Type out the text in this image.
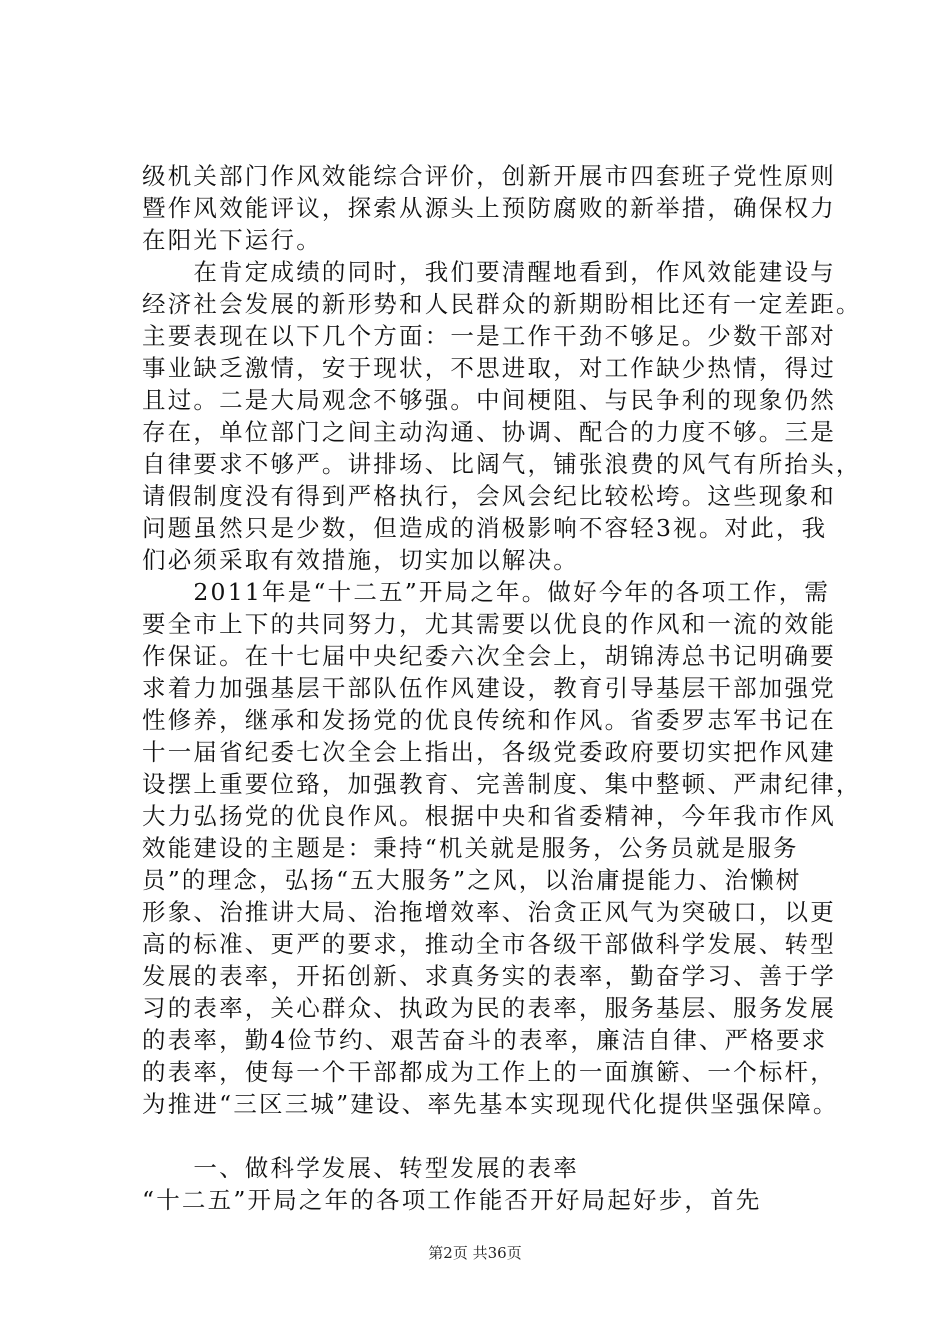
级机关部门作风效能综合评价，创新开展市四套班子党性原则
暨作风效能评议，探索从源头上预防腐败的新举措，确保权力
在阳光下运行。
　　在肯定成绩的同时，我们要清醒地看到，作风效能建设与
经济社会发展的新形势和人民群众的新期盼相比还有一定差距。
主要表现在以下几个方面：一是工作干劲不够足。少数干部对
事业缺乏激情，安于现状，不思进取，对工作缺少热情，得过
且过。二是大局观念不够强。中间梗阻、与民争利的现象仍然
存在，单位部门之间主动沟通、协调、配合的力度不够。三是
自律要求不够严。讲排场、比阔气，铺张浪费的风气有所抬头，
请假制度没有得到严格执行，会风会纪比较松垮。这些现象和
问题虽然只是少数，但造成的消极影响不容轻3视。对此，我
们必须采取有效措施，切实加以解决。
　　2011年是“十二五”开局之年。做好今年的各项工作，需
要全市上下的共同努力，尤其需要以优良的作风和一流的效能
作保证。在十七届中央纪委六次全会上，胡锦涛总书记明确要
求着力加强基层干部队伍作风建设，教育引导基层干部加强党
性修养，继承和发扬党的优良传统和作风。省委罗志军书记在
十一届省纪委七次全会上指出，各级党委政府要切实把作风建
设摆上重要位臵，加强教育、完善制度、集中整顿、严肃纪律，
大力弘扬党的优良作风。根据中央和省委精神，今年我市作风
效能建设的主题是：秉持“机关就是服务，公务员就是服务
员”的理念，弘扬“五大服务”之风，以治庸提能力、治懒树
形象、治推讲大局、治拖增效率、治贪正风气为突破口，以更
高的标准、更严的要求，推动全市各级干部做科学发展、转型
发展的表率，开拓创新、求真务实的表率，勤奋学习、善于学
习的表率，关心群众、执政为民的表率，服务基层、服务发展
的表率，勤4俭节约、艰苦奋斗的表率，廉洁自律、严格要求
的表率，使每一个干部都成为工作上的一面旗簖、一个标杆，
为推进“三区三城”建设、率先基本实现现代化提供坚强保障。
　　一、做科学发展、转型发展的表率
“十二五”开局之年的各项工作能否开好局起好步，首先
第2页 共36页
